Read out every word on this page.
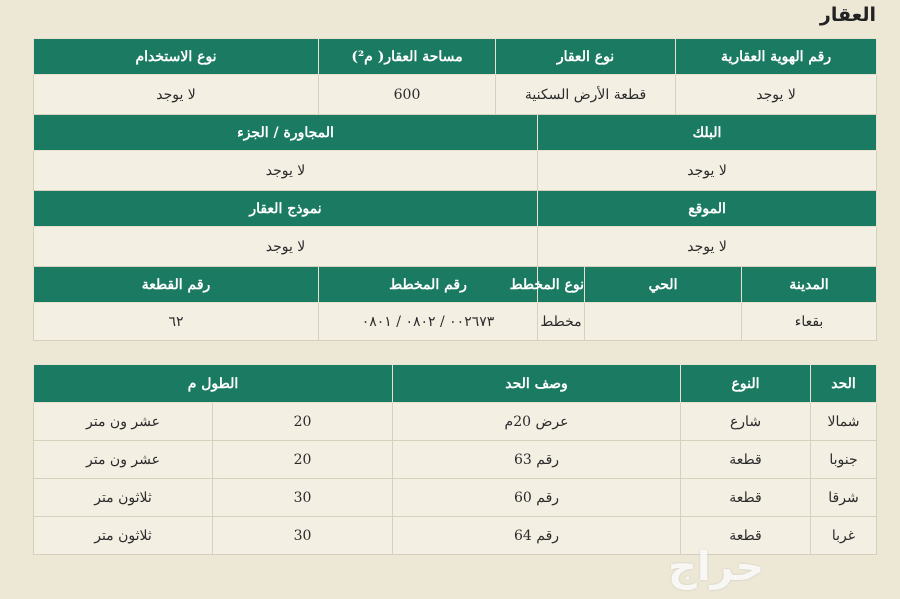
العقار
رقم الهوية العقارية		نوع العقار			مساحة العقار( م²)	نوع الاستخدام
لا يوجد		قطعة الأرض السكنية			600	لا يوجد
البلك				المجاورة / الجزء		
لا يوجد				لا يوجد		
الموقع				نموذج العقار		
لا يوجد				لا يوجد		
المدينة	الحي		نوع المخطط	رقم المخطط		رقم القطعة
بقعاء			مخطط	٠٠٢٦٧٣ / ٠٨٠٢ / ٠٨٠١		٦٢
الحد	النوع	وصف الحد	الطول م	
شمالا	شارع	عرض 20م	20	عشر ون متر
جنوبا	قطعة	رقم 63	20	عشر ون متر
شرقا	قطعة	رقم 60	30	ثلاثون متر
غربا	قطعة	رقم 64	30	ثلاثون متر
حراج
